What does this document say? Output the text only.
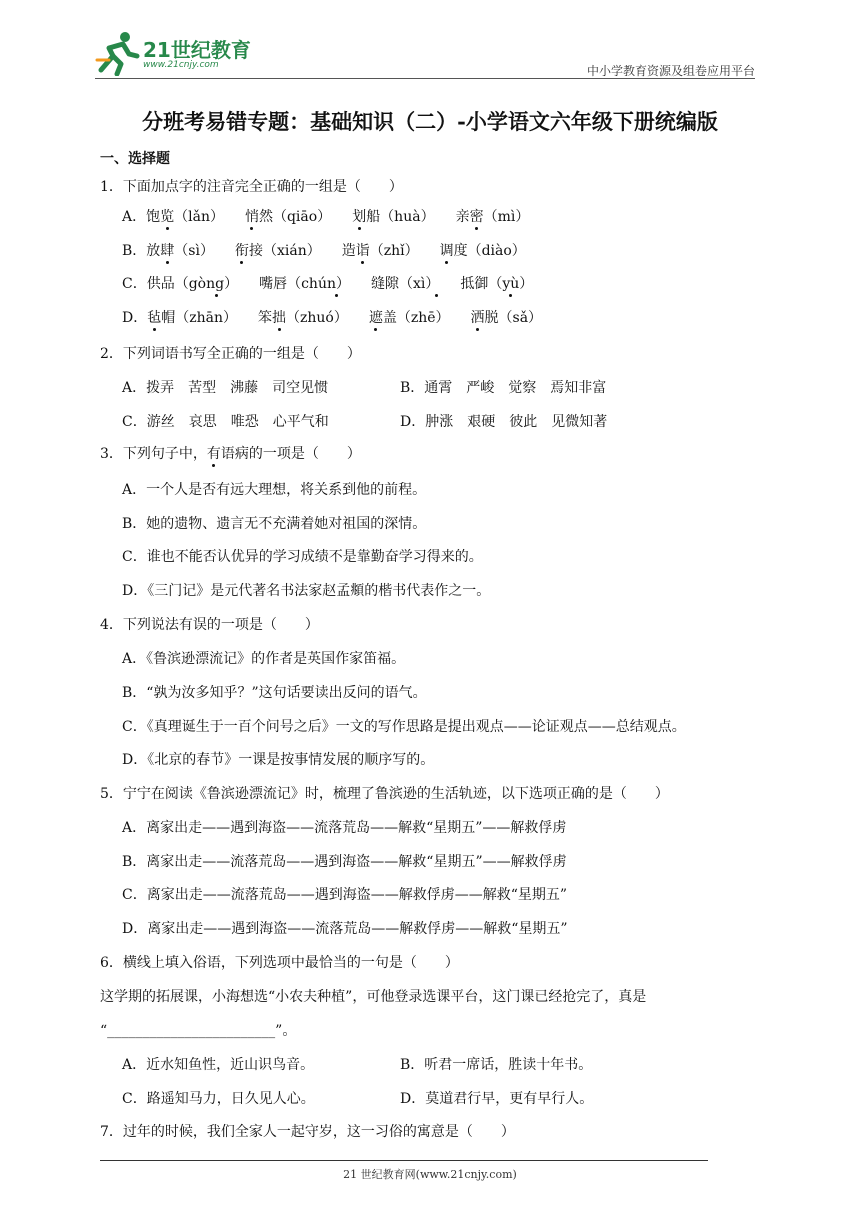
21世纪教育
www.21cnjy.com	中小学教育资源及组卷应用平台
分班考易错专题：基础知识（二）-小学语文六年级下册统编版
一、选择题
1．下面加点字的注音完全正确的一组是（　　）
A．饱览（lǎn）　　悄然（qiāo）　　划船（huà）　　亲密（mì）
B．放肆（sì）　　衔接（xián）　　造诣（zhǐ）　　调度（diào）
C．供品（gòng）　　嘴唇（chún）　　缝隙（xì）　　抵御（yù）
D．毡帽（zhān）　　笨拙（zhuó）　　遮盖（zhē）　　洒脱（sǎ）
2．下列词语书写全正确的一组是（　　）
A．拨弄　苦型　沸藤　司空见惯	B．通霄　严峻　觉察　焉知非富
C．游丝　哀思　唯恐　心平气和	D．肿涨　艰硬　彼此　见微知著
3．下列句子中，有语病的一项是（　　）
A．一个人是否有远大理想，将关系到他的前程。
B．她的遗物、遗言无不充满着她对祖国的深情。
C．谁也不能否认优异的学习成绩不是靠勤奋学习得来的。
D．《三门记》是元代著名书法家赵孟頫的楷书代表作之一。
4．下列说法有误的一项是（　　）
A．《鲁滨逊漂流记》的作者是英国作家笛福。
B．“孰为汝多知乎？”这句话要读出反问的语气。
C．《真理诞生于一百个问号之后》一文的写作思路是提出观点——论证观点——总结观点。
D．《北京的春节》一课是按事情发展的顺序写的。
5．宁宁在阅读《鲁滨逊漂流记》时，梳理了鲁滨逊的生活轨迹，以下选项正确的是（　　）
A．离家出走——遇到海盗——流落荒岛——解救“星期五”——解救俘虏
B．离家出走——流落荒岛——遇到海盗——解救“星期五”——解救俘虏
C．离家出走——流落荒岛——遇到海盗——解救俘虏——解救“星期五”
D．离家出走——遇到海盗——流落荒岛——解救俘虏——解救“星期五”
6．横线上填入俗语，下列选项中最恰当的一句是（　　）
这学期的拓展课，小海想选“小农夫种植”，可他登录选课平台，这门课已经抢完了，真是
“________________________”。
A．近水知鱼性，近山识鸟音。	B．听君一席话，胜读十年书。
C．路遥知马力，日久见人心。	D．莫道君行早，更有早行人。
7．过年的时候，我们全家人一起守岁，这一习俗的寓意是（　　）
21 世纪教育网(www.21cnjy.com)
